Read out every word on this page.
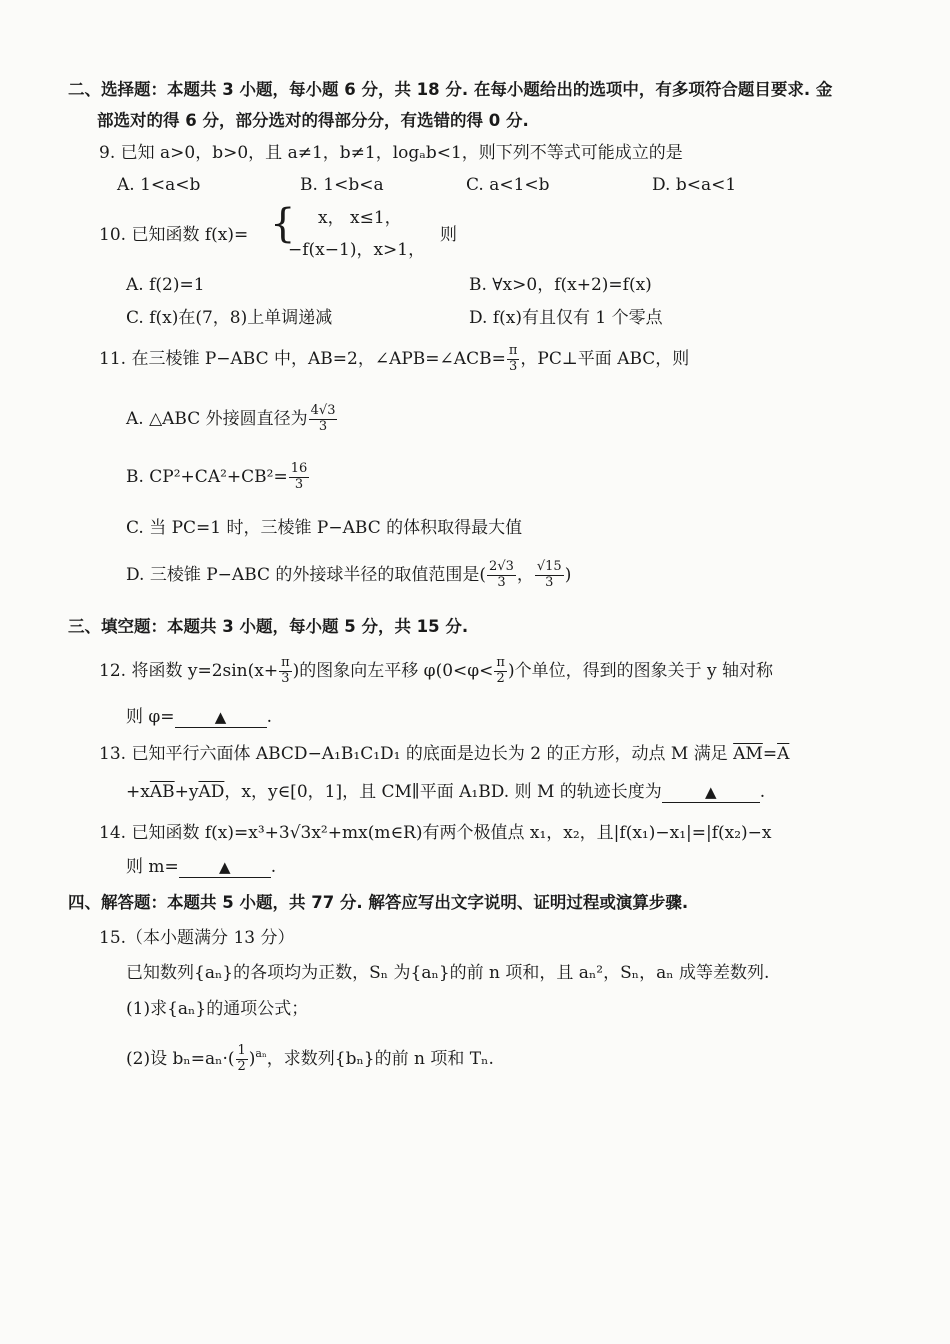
二、选择题：本题共 3 小题，每小题 6 分，共 18 分. 在每小题给出的选项中，有多项符合题目要求. 金
部选对的得 6 分，部分选对的得部分分，有选错的得 0 分.
9. 已知 a>0，b>0，且 a≠1，b≠1，logₐb<1，则下列不等式可能成立的是
A. 1<a<b	B. 1<b<a	C. a<1<b	D. b<a<1
10. 已知函数 f(x)= { x， x≤1，
−f(x−1)，x>1，
则
A. f(2)=1	B. ∀x>0，f(x+2)=f(x)
C. f(x)在(7，8)上单调递减	D. f(x)有且仅有 1 个零点
11. 在三棱锥 P−ABC 中，AB=2，∠APB=∠ACB= $\frac{\pi}{3}$ ，PC⊥平面 ABC，则
A. △ABC 外接圆直径为 $\frac{4√3}{3}$
B. $CP^2+CA^2+CB^2= \frac{16}{3}$
C. 当 PC=1 时，三棱锥 P−ABC 的体积取得最大值
D. 三棱锥 P−ABC 的外接球半径的取值范围是( $\frac{2√3}{3}$ ， $\frac{√15}{3}$ )
三、填空题：本题共 3 小题，每小题 5 分，共 15 分.
12. 将函数 $y=2\sin(x+ \frac{\pi}{3}$ )的图象向左平移 $\varphi(0<\varphi< \frac{\pi}{2}$ )个单位，得到的图象关于 y 轴对称
则 φ=	▲ .
13. 已知平行六面体 ABCD−A₁B₁C₁D₁ 的底面是边长为 2 的正方形，动点 M 满足 $\overline{AM}=\overline{A}$
$+x\overline{AB}+y\overline{AD}$，x，y∈[0，1]，且 CM∥平面 A₁BD. 则 M 的轨迹长度为	▲	.
14. 已知函数 f(x)=x³+3√3x²+mx(m∈R)有两个极值点 x₁，x₂，且|f(x₁)−x₁|=|f(x₂)−ⅹ
则 m=	▲ .
四、解答题：本题共 5 小题，共 77 分. 解答应写出文字说明、证明过程或演算步骤.
15.（本小题满分 13 分）
已知数列{aₙ}的各项均为正数，Sₙ 为{aₙ}的前 n 项和，且 aₙ²，Sₙ，aₙ 成等差数列.
(1)求{aₙ}的通项公式；
(2)设 $b_n=a_n\cdot( \frac{1}{2} )^{a_n}$，求数列{bₙ}的前 n 项和 Tₙ.
